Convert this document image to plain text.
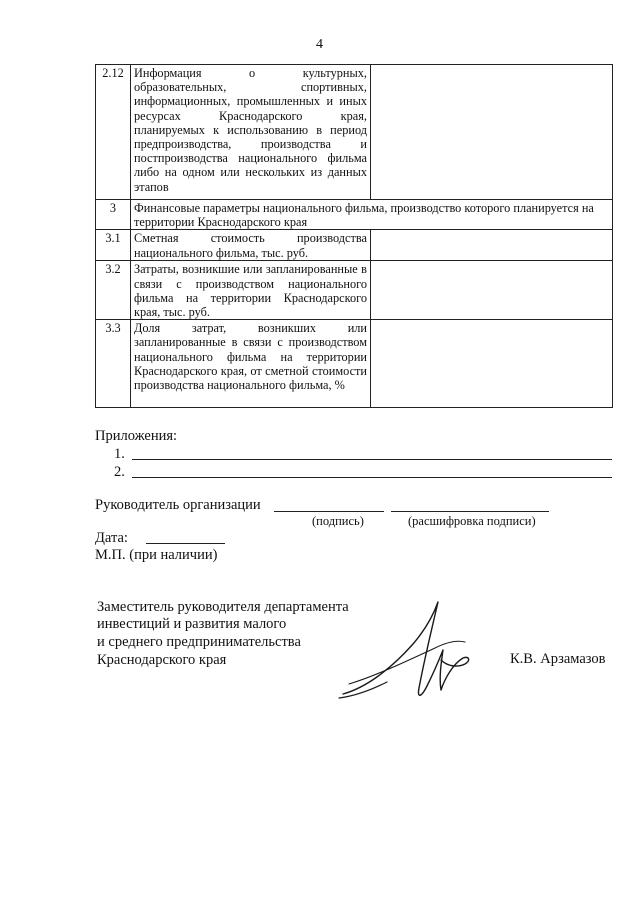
4
2.12	Информация о культурных, образовательных, спортивных, информационных, промышленных и иных ресурсах Краснодарского края, планируемых к использованию в период предпроизводства, производства и постпроизводства национального фильма либо на одном или нескольких из данных этапов	
3	Финансовые параметры национального фильма, производство которого планируется на территории Краснодарского края	
3.1	Сметная стоимость производства национального фильма, тыс. руб.	
3.2	Затраты, возникшие или запланированные в связи с производством национального фильма на территории Краснодарского края, тыс. руб.	
3.3	Доля затрат, возникших или запланированные в связи с производством национального фильма на территории Краснодарского края, от сметной стоимости производства национального фильма, %	
Приложения:
1.
2.
Руководитель организации
(подпись)	(расшифровка подписи)
Дата:
М.П. (при наличии)
Заместитель руководителя департамента
инвестиций и развития малого
и среднего предпринимательства
Краснодарского края	К.В. Арзамазов
